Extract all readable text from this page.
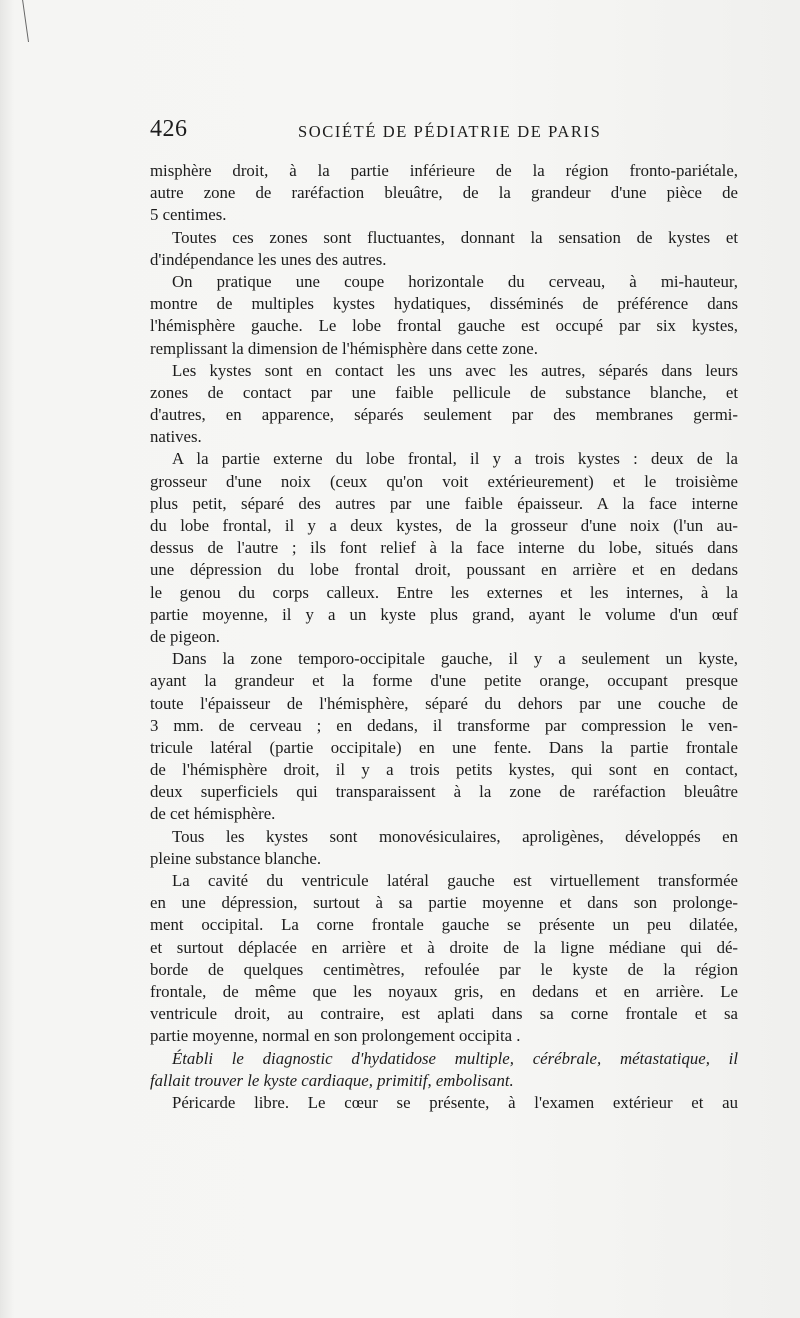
426	SOCIÉTÉ DE PÉDIATRIE DE PARIS
misphère droit, à la partie inférieure de la région fronto-pariétale,
autre zone de raréfaction bleuâtre, de la grandeur d'une pièce de
5 centimes.
Toutes ces zones sont fluctuantes, donnant la sensation de kystes et
d'indépendance les unes des autres.
On pratique une coupe horizontale du cerveau, à mi-hauteur,
montre de multiples kystes hydatiques, disséminés de préférence dans
l'hémisphère gauche. Le lobe frontal gauche est occupé par six kystes,
remplissant la dimension de l'hémisphère dans cette zone.
Les kystes sont en contact les uns avec les autres, séparés dans leurs
zones de contact par une faible pellicule de substance blanche, et
d'autres, en apparence, séparés seulement par des membranes germi-
natives.
A la partie externe du lobe frontal, il y a trois kystes : deux de la
grosseur d'une noix (ceux qu'on voit extérieurement) et le troisième
plus petit, séparé des autres par une faible épaisseur. A la face interne
du lobe frontal, il y a deux kystes, de la grosseur d'une noix (l'un au-
dessus de l'autre ; ils font relief à la face interne du lobe, situés dans
une dépression du lobe frontal droit, poussant en arrière et en dedans
le genou du corps calleux. Entre les externes et les internes, à la
partie moyenne, il y a un kyste plus grand, ayant le volume d'un œuf
de pigeon.
Dans la zone temporo-occipitale gauche, il y a seulement un kyste,
ayant la grandeur et la forme d'une petite orange, occupant presque
toute l'épaisseur de l'hémisphère, séparé du dehors par une couche de
3 mm. de cerveau ; en dedans, il transforme par compression le ven-
tricule latéral (partie occipitale) en une fente. Dans la partie frontale
de l'hémisphère droit, il y a trois petits kystes, qui sont en contact,
deux superficiels qui transparaissent à la zone de raréfaction bleuâtre
de cet hémisphère.
Tous les kystes sont monovésiculaires, aproligènes, développés en
pleine substance blanche.
La cavité du ventricule latéral gauche est virtuellement transformée
en une dépression, surtout à sa partie moyenne et dans son prolonge-
ment occipital. La corne frontale gauche se présente un peu dilatée,
et surtout déplacée en arrière et à droite de la ligne médiane qui dé-
borde de quelques centimètres, refoulée par le kyste de la région
frontale, de même que les noyaux gris, en dedans et en arrière. Le
ventricule droit, au contraire, est aplati dans sa corne frontale et sa
partie moyenne, normal en son prolongement occipita .
Établi le diagnostic d'hydatidose multiple, cérébrale, métastatique, il
fallait trouver le kyste cardiaque, primitif, embolisant.
Péricarde libre. Le cœur se présente, à l'examen extérieur et au
